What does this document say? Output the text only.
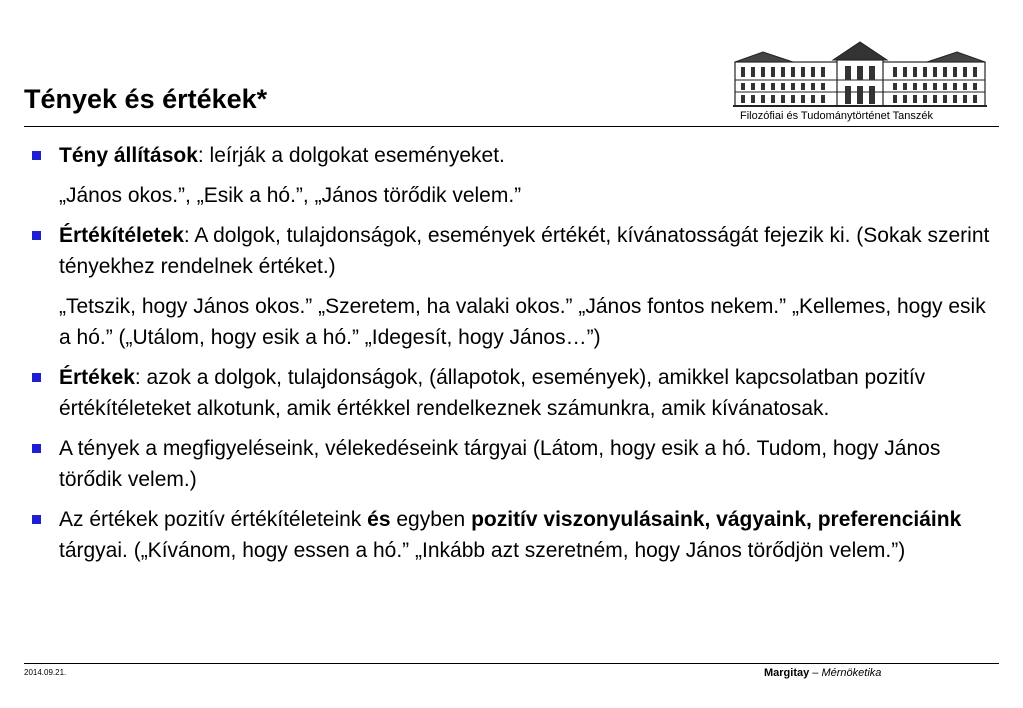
Tények és értékek*
Filozófiai és Tudománytörténet Tanszék
Tény állítások: leírják a dolgokat eseményeket.
„János okos.”, „Esik a hó.”, „János törődik velem.”
Értékítéletek: A dolgok, tulajdonságok, események értékét, kívánatosságát fejezik ki. (Sokak szerint tényekhez rendelnek értéket.)
„Tetszik, hogy János okos.” „Szeretem, ha valaki okos.” „János fontos nekem.” „Kellemes, hogy esik a hó.” („Utálom, hogy esik a hó.” „Idegesít, hogy János…”)
Értékek: azok a dolgok, tulajdonságok, (állapotok, események), amikkel kapcsolatban pozitív értékítéleteket alkotunk, amik értékkel rendelkeznek számunkra, amik kívánatosak.
A tények a megfigyeléseink, vélekedéseink tárgyai (Látom, hogy esik a hó. Tudom, hogy János törődik velem.)
Az értékek pozitív értékítéleteink és egyben pozitív viszonyulásaink, vágyaink, preferenciáink tárgyai. („Kívánom, hogy essen a hó.” „Inkább azt szeretném, hogy János törődjön velem.”)
2014.09.21.	Margitay – Mérnöketika
